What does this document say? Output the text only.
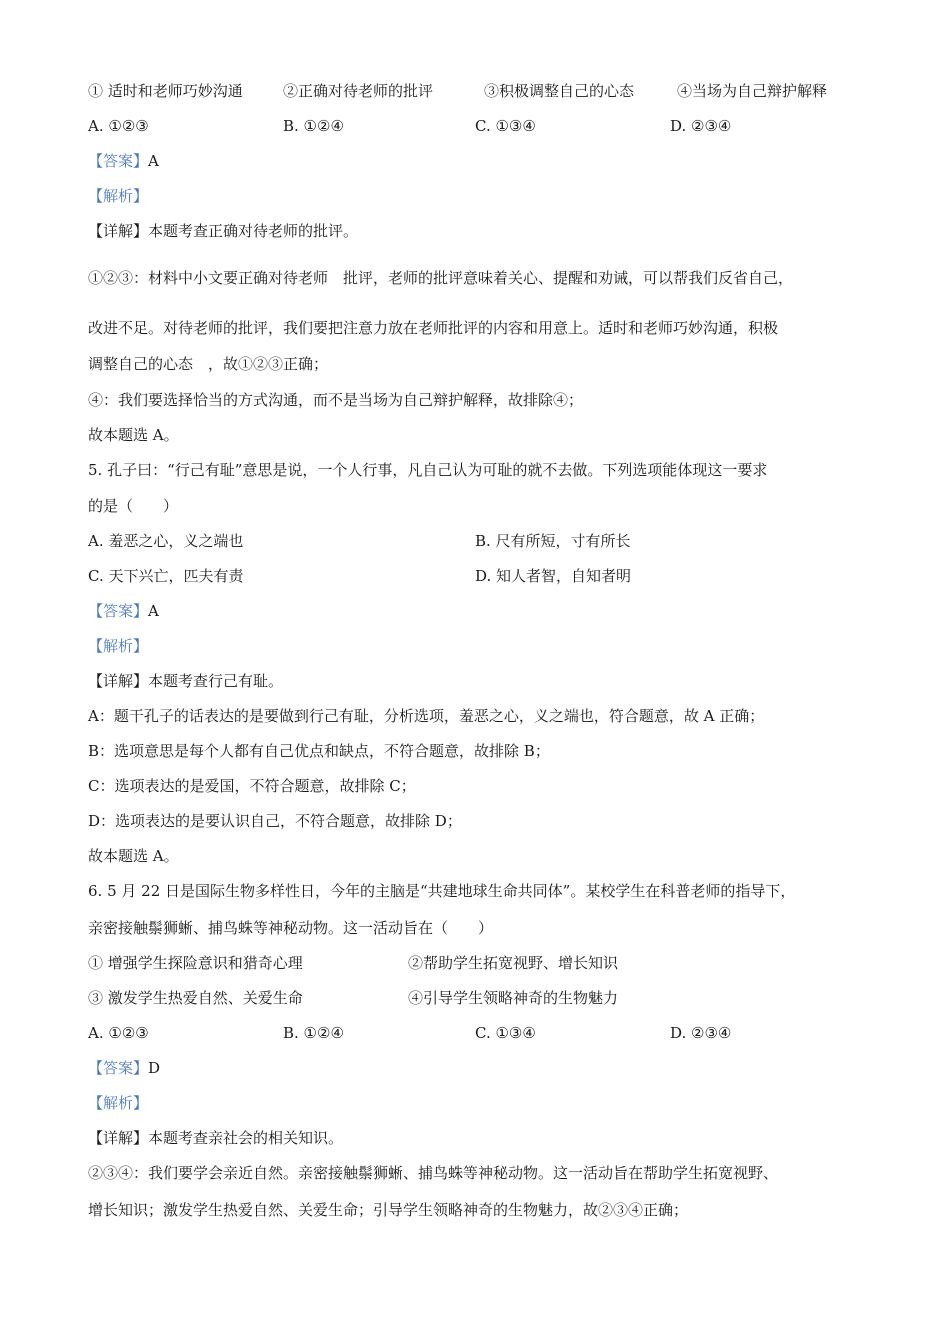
① 适时和老师巧妙沟通	②正确对待老师的批评	③积极调整自己的心态	④当场为自己辩护解释
A. ①②③	B. ①②④	C. ①③④	D. ②③④
【答案】A
【解析】
【详解】本题考查正确对待老师的批评。
①②③：材料中小文要正确对待老师　批评，老师的批评意味着关心、提醒和劝诫，可以帮我们反省自己，
改进不足。对待老师的批评，我们要把注意力放在老师批评的内容和用意上。适时和老师巧妙沟通，积极
调整自己的心态　，故①②③正确；
④：我们要选择恰当的方式沟通，而不是当场为自己辩护解释，故排除④；
故本题选 A。
5. 孔子曰：“行己有耻”意思是说，一个人行事，凡自己认为可耻的就不去做。下列选项能体现这一要求
的是（　　）
A. 羞恶之心，义之端也	B. 尺有所短，寸有所长
C. 天下兴亡，匹夫有责	D. 知人者智，自知者明
【答案】A
【解析】
【详解】本题考查行己有耻。
A：题干孔子的话表达的是要做到行己有耻，分析选项，羞恶之心，义之端也，符合题意，故 A 正确；
B：选项意思是每个人都有自己优点和缺点，不符合题意，故排除 B；
C：选项表达的是爱国，不符合题意，故排除 C；
D：选项表达的是要认识自己，不符合题意，故排除 D；
故本题选 A。
6. 5 月 22 日是国际生物多样性日，今年的主脑是“共建地球生命共同体”。某校学生在科普老师的指导下，
亲密接触鬃狮蜥、捕鸟蛛等神秘动物。这一活动旨在（　　）
① 增强学生探险意识和猎奇心理	②帮助学生拓宽视野、增长知识
③ 激发学生热爱自然、关爱生命	④引导学生领略神奇的生物魅力
A. ①②③	B. ①②④	C. ①③④	D. ②③④
【答案】D
【解析】
【详解】本题考查亲社会的相关知识。
②③④：我们要学会亲近自然。亲密接触鬃狮蜥、捕鸟蛛等神秘动物。这一活动旨在帮助学生拓宽视野、
增长知识；激发学生热爱自然、关爱生命；引导学生领略神奇的生物魅力，故②③④正确；
